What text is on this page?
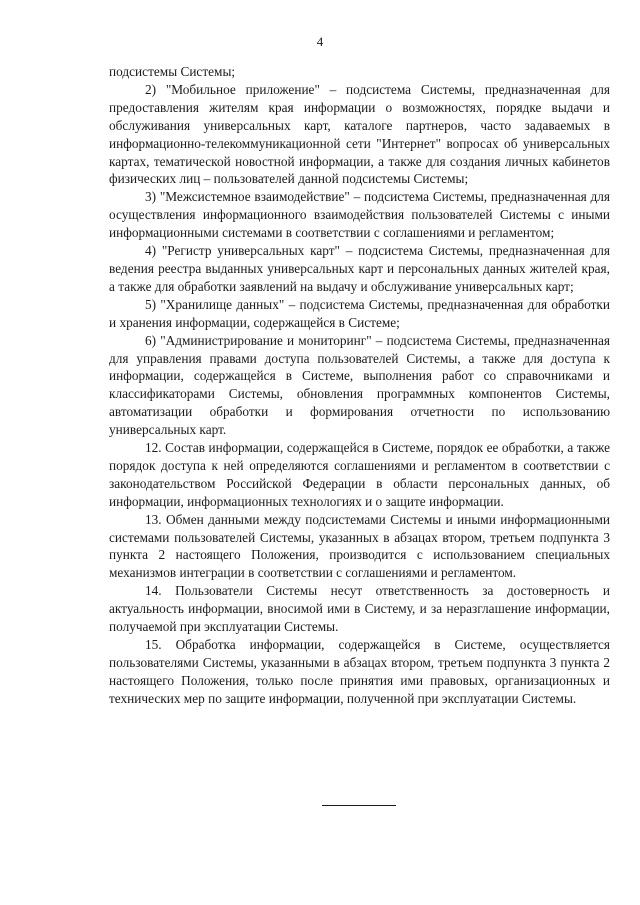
4

подсистемы Системы;

2) "Мобильное приложение" – подсистема Системы, предназначенная для предоставления жителям края информации о возможностях, порядке выдачи и обслуживания универсальных карт, каталоге партнеров, часто задаваемых в информационно-телекоммуникационной сети "Интернет" вопросах об универсальных картах, тематической новостной информации, а также для создания личных кабинетов физических лиц – пользователей данной подсистемы Системы;

3) "Межсистемное взаимодействие" – подсистема Системы, предназначенная для осуществления информационного взаимодействия пользователей Системы с иными информационными системами в соответствии с соглашениями и регламентом;

4) "Регистр универсальных карт" – подсистема Системы, предназначенная для ведения реестра выданных универсальных карт и персональных данных жителей края, а также для обработки заявлений на выдачу и обслуживание универсальных карт;

5) "Хранилище данных" – подсистема Системы, предназначенная для обработки и хранения информации, содержащейся в Системе;

6) "Администрирование и мониторинг" – подсистема Системы, предназначенная для управления правами доступа пользователей Системы, а также для доступа к информации, содержащейся в Системе, выполнения работ со справочниками и классификаторами Системы, обновления программных компонентов Системы, автоматизации обработки и формирования отчетности по использованию универсальных карт.

12. Состав информации, содержащейся в Системе, порядок ее обработки, а также порядок доступа к ней определяются соглашениями и регламентом в соответствии с законодательством Российской Федерации в области персональных данных, об информации, информационных технологиях и о защите информации.

13. Обмен данными между подсистемами Системы и иными информационными системами пользователей Системы, указанных в абзацах втором, третьем подпункта 3 пункта 2 настоящего Положения, производится с использованием специальных механизмов интеграции в соответствии с соглашениями и регламентом.

14. Пользователи Системы несут ответственность за достоверность и актуальность информации, вносимой ими в Систему, и за неразглашение информации, получаемой при эксплуатации Системы.

15. Обработка информации, содержащейся в Системе, осуществляется пользователями Системы, указанными в абзацах втором, третьем подпункта 3 пункта 2 настоящего Положения, только после принятия ими правовых, организационных и технических мер по защите информации, полученной при эксплуатации Системы.
